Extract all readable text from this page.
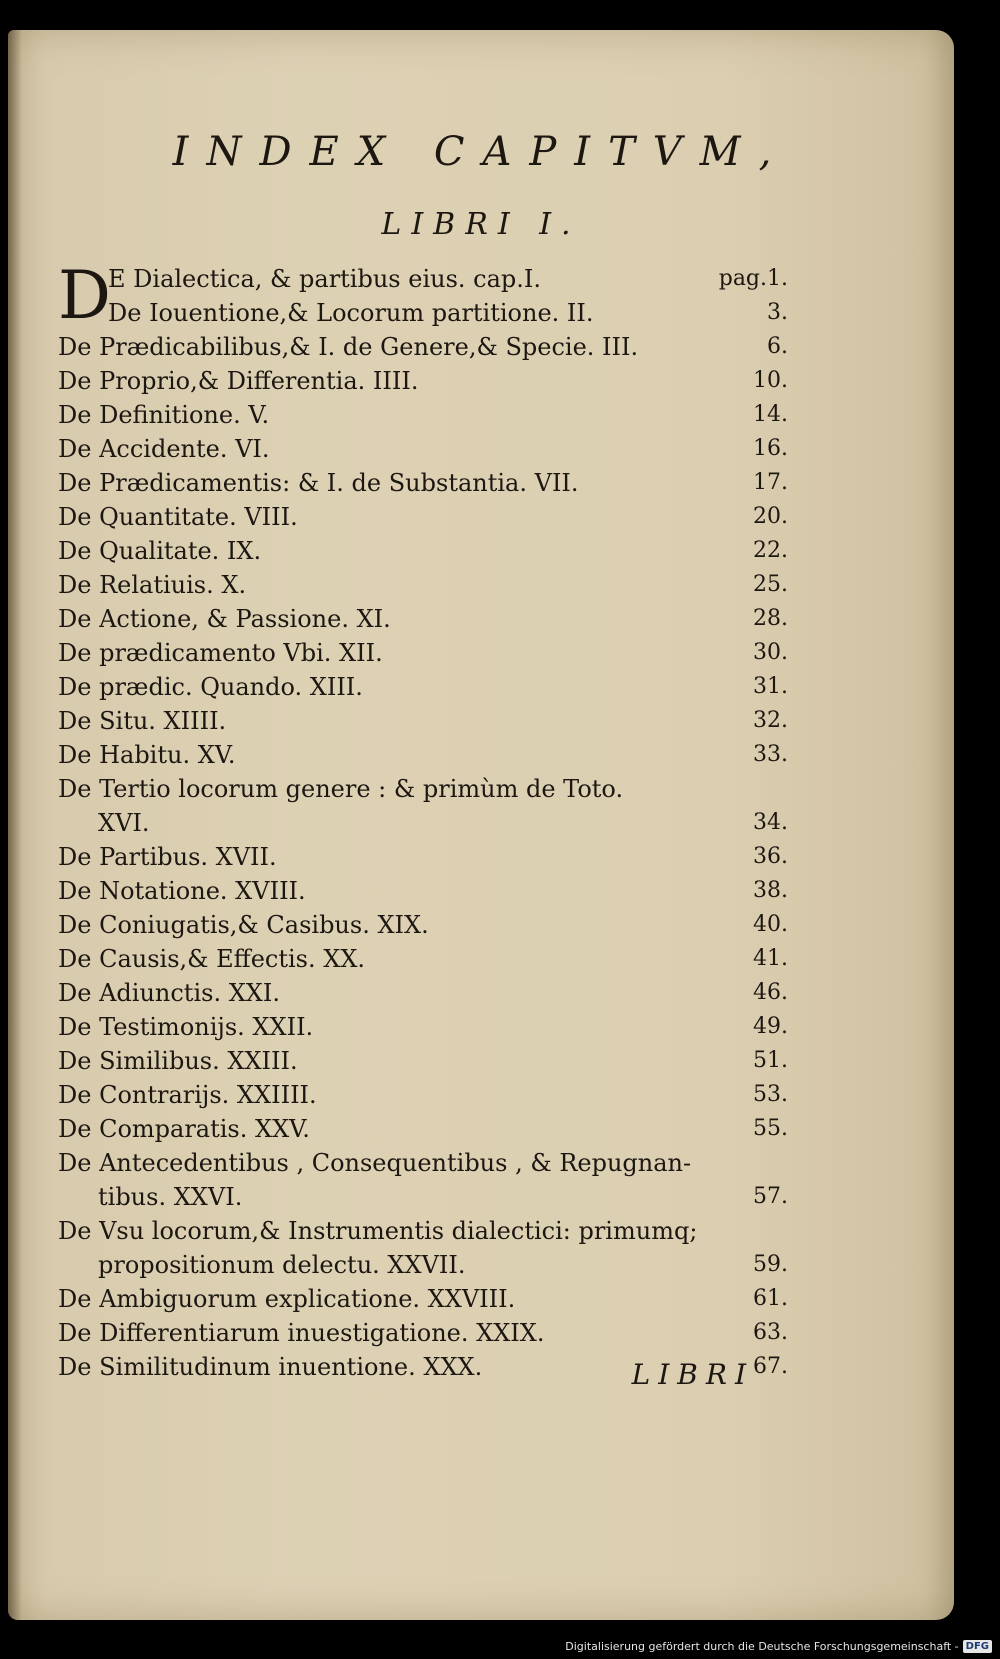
INDEX CAPITVM,
LIBRI I.
D
E Dialectica, & partibus eius. cap.I.	pag.1.
De Iouentione,& Locorum partitione. II.	3.
De Prædicabilibus,& I. de Genere,& Specie. III.	6.
De Proprio,& Differentia. IIII.	10.
De Definitione. V.	14.
De Accidente. VI.	16.
De Prædicamentis: & I. de Substantia. VII.	17.
De Quantitate. VIII.	20.
De Qualitate. IX.	22.
De Relatiuis. X.	25.
De Actione, & Passione. XI.	28.
De prædicamento Vbi. XII.	30.
De prædic. Quando. XIII.	31.
De Situ. XIIII.	32.
De Habitu. XV.	33.
De Tertio locorum genere : & primùm de Toto.
XVI.	34.
De Partibus. XVII.	36.
De Notatione. XVIII.	38.
De Coniugatis,& Casibus. XIX.	40.
De Causis,& Effectis. XX.	41.
De Adiunctis. XXI.	46.
De Testimonijs. XXII.	49.
De Similibus. XXIII.	51.
De Contrarijs. XXIIII.	53.
De Comparatis. XXV.	55.
De Antecedentibus , Consequentibus , & Repugnan-
tibus. XXVI.	57.
De Vsu locorum,& Instrumentis dialectici: primumq;
propositionum delectu. XXVII.	59.
De Ambiguorum explicatione. XXVIII.	61.
De Differentiarum inuestigatione. XXIX.	63.
De Similitudinum inuentione. XXX.	67.
LIBRI
Digitalisierung gefördert durch die Deutsche Forschungsgemeinschaft - DFG
